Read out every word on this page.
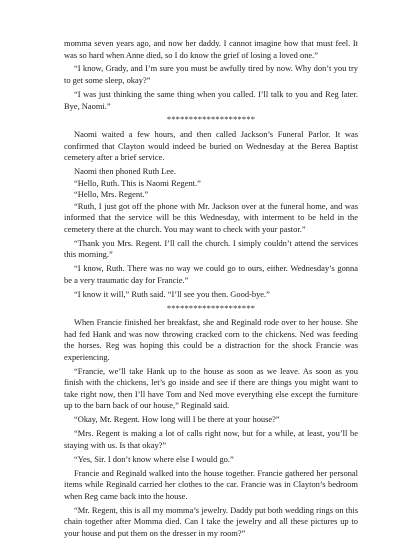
momma seven years ago, and now her daddy. I cannot imagine how that must feel. It was so hard when Anne died, so I do know the grief of losing a loved one.”

“I know, Grady, and I’m sure you must be awfully tired by now. Why don’t you try to get some sleep, okay?”

“I was just thinking the same thing when you called. I’ll talk to you and Reg later. Bye, Naomi.”

********************

Naomi waited a few hours, and then called Jackson’s Funeral Parlor. It was confirmed that Clayton would indeed be buried on Wednesday at the Berea Baptist cemetery after a brief service.

Naomi then phoned Ruth Lee.

“Hello, Ruth. This is Naomi Regent.”

“Hello, Mrs. Regent.”

“Ruth, I just got off the phone with Mr. Jackson over at the funeral home, and was informed that the service will be this Wednesday, with interment to be held in the cemetery there at the church. You may want to check with your pastor.”

“Thank you Mrs. Regent. I’ll call the church. I simply couldn’t attend the services this morning.”

“I know, Ruth. There was no way we could go to ours, either. Wednesday’s gonna be a very traumatic day for Francie.”

“I know it will,” Ruth said. “I’ll see you then. Good-bye.”

********************

When Francie finished her breakfast, she and Reginald rode over to her house. She had fed Hank and was now throwing cracked corn to the chickens. Ned was feeding the horses. Reg was hoping this could be a distraction for the shock Francie was experiencing.

“Francie, we’ll take Hank up to the house as soon as we leave. As soon as you finish with the chickens, let’s go inside and see if there are things you might want to take right now, then I’ll have Tom and Ned move everything else except the furniture up to the barn back of our house,” Reginald said.

“Okay, Mr. Regent. How long will I be there at your house?”

“Mrs. Regent is making a lot of calls right now, but for a while, at least, you’ll be staying with us. Is that okay?”

“Yes, Sir. I don’t know where else I would go.”

Francie and Reginald walked into the house together. Francie gathered her personal items while Reginald carried her clothes to the car. Francie was in Clayton’s bedroom when Reg came back into the house.

“Mr. Regent, this is all my momma’s jewelry. Daddy put both wedding rings on this chain together after Momma died. Can I take the jewelry and all these pictures up to your house and put them on the dresser in my room?”
